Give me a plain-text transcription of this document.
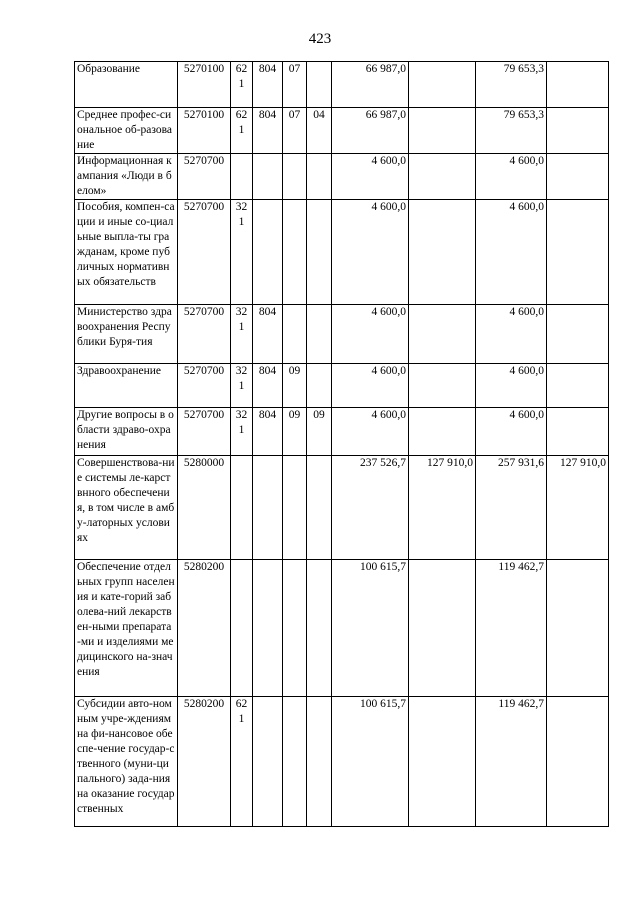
423
Образование	5270100	621	804	07		66 987,0		79 653,3	
Среднее профес-сиональное об-разование	5270100	621	804	07	04	66 987,0		79 653,3	
Информационная кампания «Люди в белом»	5270700					4 600,0		4 600,0	
Пособия, компен-сации и иные со-циальные выпла-ты гражданам, кроме публичных нормативных обязательств	5270700	321				4 600,0		4 600,0	
Министерство здравоохранения Республики Буря-тия	5270700	321	804			4 600,0		4 600,0	
Здравоохранение	5270700	321	804	09		4 600,0		4 600,0	
Другие вопросы в области здраво-охранения	5270700	321	804	09	09	4 600,0		4 600,0	
Совершенствова-ние системы ле-карствнного обеспечения, в том числе в амбу-латорных условиях	5280000					237 526,7	127 910,0	257 931,6	127 910,0
Обеспечение отдельных групп населения и кате-горий заболева-ний лекарствен-ными препарата-ми и изделиями медицинского на-значения	5280200					100 615,7		119 462,7	
Субсидии авто-номным учре-ждениям на фи-нансовое обеспе-чение государ-ственного (муни-ципального) зада-ния на оказание государственных	5280200	621				100 615,7		119 462,7	
